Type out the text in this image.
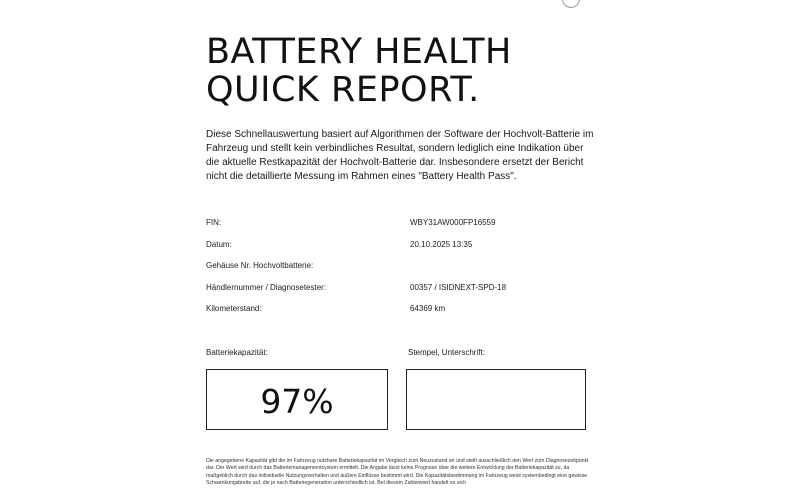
BATTERY HEALTH
QUICK REPORT.

Diese Schnellauswertung basiert auf Algorithmen der Software der Hochvolt-Batterie im Fahrzeug und stellt kein verbindliches Resultat, sondern lediglich eine Indikation über die aktuelle Restkapazität der Hochvolt-Batterie dar. Insbesondere ersetzt der Bericht nicht die detaillierte Messung im Rahmen eines "Battery Health Pass".

FIN:	WBY31AW000FP16559
Datum:	20.10.2025 13:35
Gehäuse Nr. Hochvoltbatterie:
Händlernummer / Diagnosetester:	00357 / ISIDNEXT-SPD-18
Kilometerstand:	64369 km
Batteriekapazität:	Stempel, Unterschrift:
97%

Die angegebene Kapazität gibt die im Fahrzeug nutzbare Batteriekapazität im Vergleich zum Neuzustand an und stellt ausschließlich den Wert zum Diagnosezeitpunkt dar. Der Wert wird durch das Batteriemanagementsystem ermittelt. Die Angabe lässt keine Prognose über die weitere Entwicklung der Batteriekapazität zu, da maßgeblich durch das individuelle Nutzungsverhalten und äußere Einflüsse bestimmt wird. Die Kapazitätsbestimmung im Fahrzeug weist systembedingt eine gewisse Schwankungsbreite auf, die je nach Batteriegeneration unterschiedlich ist. Bei diesem Zahlenwert handelt es sich
